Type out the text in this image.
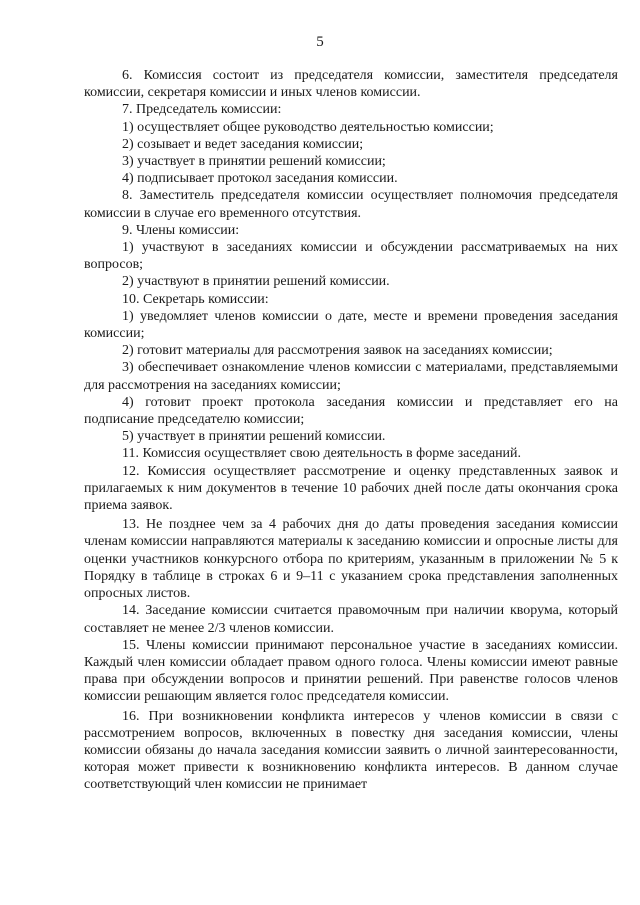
5

6. Комиссия состоит из председателя комиссии, заместителя председателя комиссии, секретаря комиссии и иных членов комиссии.

7. Председатель комиссии:

1) осуществляет общее руководство деятельностью комиссии;

2) созывает и ведет заседания комиссии;

3) участвует в принятии решений комиссии;

4) подписывает протокол заседания комиссии.

8. Заместитель председателя комиссии осуществляет полномочия председателя комиссии в случае его временного отсутствия.

9. Члены комиссии:

1) участвуют в заседаниях комиссии и обсуждении рассматриваемых на них вопросов;

2) участвуют в принятии решений комиссии.

10. Секретарь комиссии:

1) уведомляет членов комиссии о дате, месте и времени проведения заседания комиссии;

2) готовит материалы для рассмотрения заявок на заседаниях комиссии;

3) обеспечивает ознакомление членов комиссии с материалами, представляемыми для рассмотрения на заседаниях комиссии;

4) готовит проект протокола заседания комиссии и представляет его на подписание председателю комиссии;

5) участвует в принятии решений комиссии.

11. Комиссия осуществляет свою деятельность в форме заседаний.

12. Комиссия осуществляет рассмотрение и оценку представленных заявок и прилагаемых к ним документов в течение 10 рабочих дней после даты окончания срока приема заявок.

13. Не позднее чем за 4 рабочих дня до даты проведения заседания комиссии членам комиссии направляются материалы к заседанию комиссии и опросные листы для оценки участников конкурсного отбора по критериям, указанным в приложении № 5 к Порядку в таблице в строках 6 и 9–11 с указанием срока представления заполненных опросных листов.

14. Заседание комиссии считается правомочным при наличии кворума, который составляет не менее 2/3 членов комиссии.

15. Члены комиссии принимают персональное участие в заседаниях комиссии. Каждый член комиссии обладает правом одного голоса. Члены комиссии имеют равные права при обсуждении вопросов и принятии решений. При равенстве голосов членов комиссии решающим является голос председателя комиссии.

16. При возникновении конфликта интересов у членов комиссии в связи с рассмотрением вопросов, включенных в повестку дня заседания комиссии, члены комиссии обязаны до начала заседания комиссии заявить о личной заинтересованности, которая может привести к возникновению конфликта интересов. В данном случае соответствующий член комиссии не принимает
